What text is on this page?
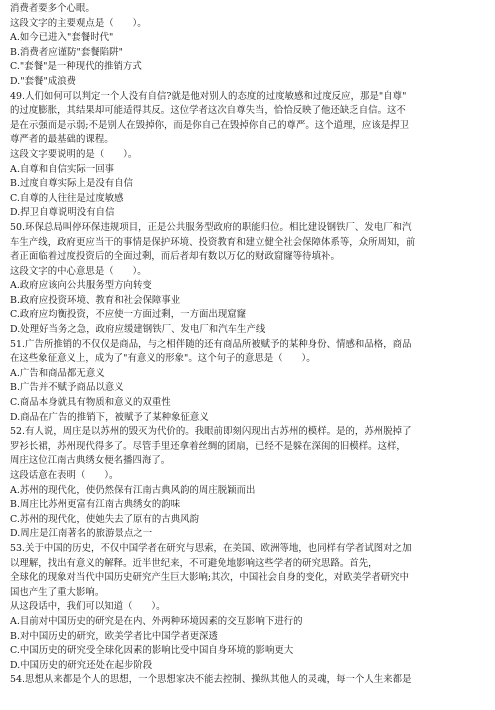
消费者要多个心眼。
这段文字的主要观点是（　　）。
A.如今已进入"套餐时代"
B.消费者应谨防"套餐陷阱"
C."套餐"是一种现代的推销方式
D."套餐"成浪费
49.人们如何可以判定一个人没有自信?就是他对别人的态度的过度敏感和过度反应，那是"自尊"
的过度膨胀，其结果却可能适得其反。这位学者这次自尊失当，恰恰反映了他还缺乏自信。这不
是在示强而是示弱;不是别人在毁掉你，而是你自己在毁掉你自己的尊严。这个道理，应该是捍卫
尊严者的最基础的课程。
这段文字要说明的是（　　）。
A.自尊和自信实际一回事
B.过度自尊实际上是没有自信
C.自尊的人往往是过度敏感
D.捍卫自尊说明没有自信
50.环保总局叫停环保违规项目，正是公共服务型政府的职能归位。相比建设钢铁厂、发电厂和汽
车生产线，政府更应当干的事情是保护环境、投资教育和建立健全社会保障体系等，众所周知，前
者正面临着过度投资后的全面过剩，而后者却有数以万亿的财政窟窿等待填补。
这段文字的中心意思是（　　）。
A.政府应该向公共服务型方向转变
B.政府应投资环境、教育和社会保障事业
C.政府应均衡投资，不应使一方面过剩，一方面出现窟窿
D.处理好当务之急，政府应缓建钢铁厂、发电厂和汽车生产线
51.广告所推销的不仅仅是商品，与之相伴随的还有商品所被赋予的某种身份、情感和品格，商品
在这些象征意义上，成为了"有意义的形象"。这个句子的意思是（　　）。
A.广告和商品都无意义
B.广告并不赋予商品以意义
C.商品本身就具有物质和意义的双重性
D.商品在广告的推销下，被赋予了某种象征意义
52.有人说，周庄是以苏州的毁灭为代价的。我眼前即刻闪现出古苏州的模样。是的，苏州脱掉了
罗衫长裙，苏州现代得多了。尽管手里还拿着丝绸的团扇，已经不是躲在深闺的旧模样。这样，
周庄这位江南古典绣女便名播四海了。
这段话意在表明（　　）。
A.苏州的现代化，使仍然保有江南古典风韵的周庄脱颖而出
B.周庄比苏州更富有江南古典绣女的韵味
C.苏州的现代化，使她失去了原有的古典风韵
D.周庄是江南著名的旅游景点之一
53.关于中国的历史，不仅中国学者在研究与思索，在美国、欧洲等地，也同样有学者试图对之加
以理解，找出有意义的解释。近半世纪来，不可避免地影响这些学者的研究思路。首先，
全球化的现象对当代中国历史研究产生巨大影响;其次，中国社会自身的变化，对欧美学者研究中
国也产生了重大影响。
从这段话中，我们可以知道（　　）。
A.目前对中国历史的研究是在内、外两种环境因素的交互影响下进行的
B.对中国历史的研究，欧美学者比中国学者更深透
C.中国历史的研究受全球化因素的影响比受中国自身环境的影响更大
D.中国历史的研究还处在起步阶段
54.思想从来都是个人的思想，一个思想家决不能去控制、操纵其他人的灵魂，每一个人生来都是
